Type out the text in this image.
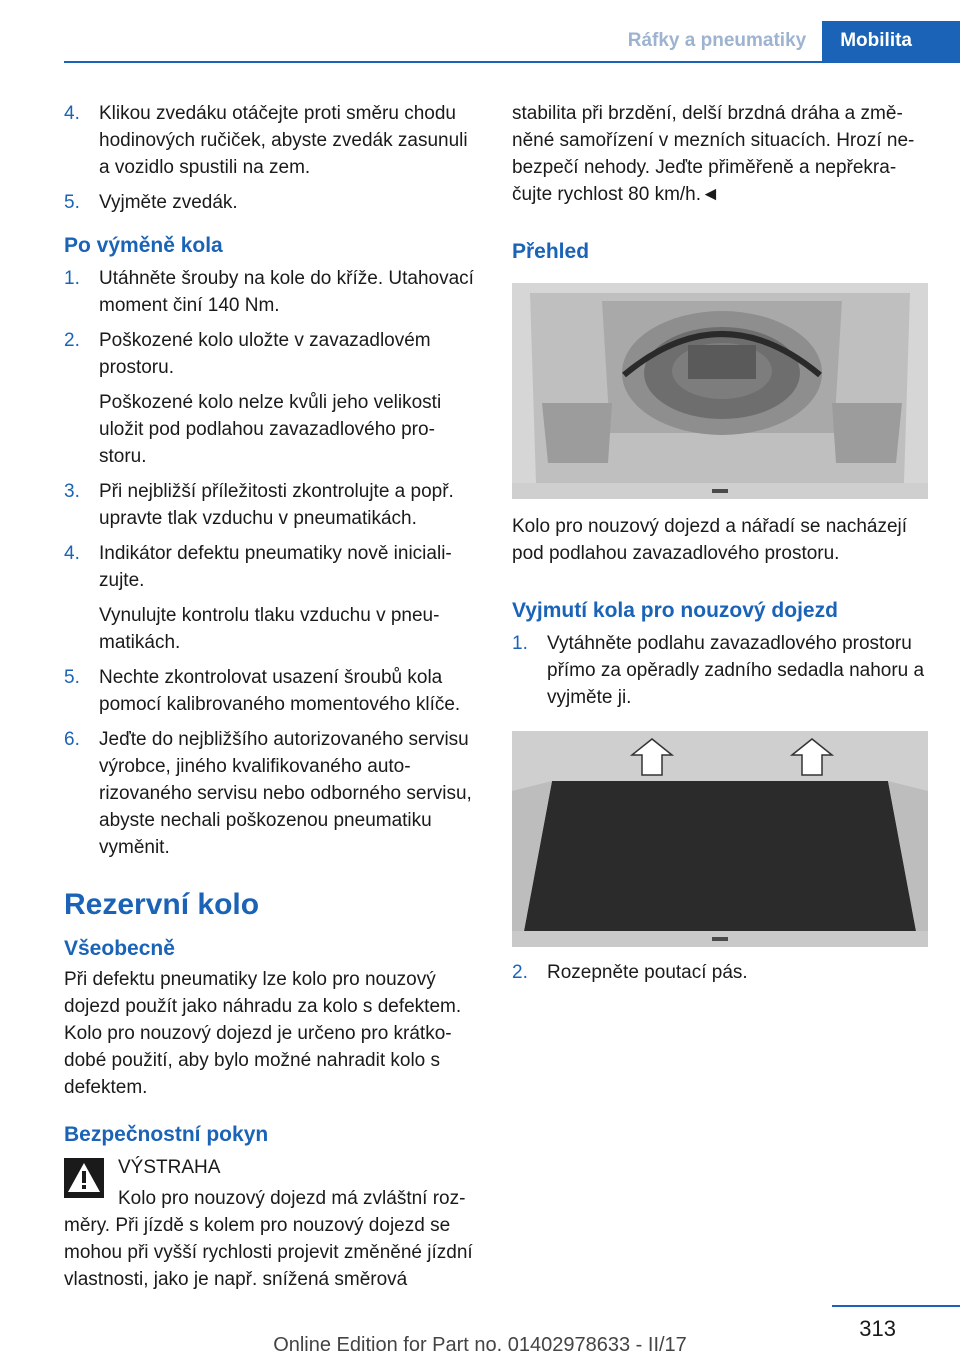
Ráfky a pneumatiky	Mobilita
4. Klikou zvedáku otáčejte proti směru chodu hodinových ručiček, abyste zvedák zasunuli a vozidlo spustili na zem.

5. Vyjměte zvedák.

Po výměně kola
1. Utáhněte šrouby na kole do kříže. Utahovací moment činí 140 Nm.

2. Poškozené kolo uložte v zavazadlovém prostoru.

Poškozené kolo nelze kvůli jeho velikosti uložit pod podlahou zavazadlového prostoru.

3. Při nejbližší příležitosti zkontrolujte a popř. upravte tlak vzduchu v pneumatikách.

4. Indikátor defektu pneumatiky nově inicializujte.

Vynulujte kontrolu tlaku vzduchu v pneumatikách.

5. Nechte zkontrolovat usazení šroubů kola pomocí kalibrovaného momentového klíče.

6. Jeďte do nejbližšího autorizovaného servisu výrobce, jiného kvalifikovaného autorizovaného servisu nebo odborného servisu, abyste nechali poškozenou pneumatiku vyměnit.

Rezervní kolo
Všeobecně

Při defektu pneumatiky lze kolo pro nouzový dojezd použít jako náhradu za kolo s defektem. Kolo pro nouzový dojezd je určeno pro krátkodobé použití, aby bylo možné nahradit kolo s defektem.

Bezpečnostní pokyn

VÝSTRAHA

Kolo pro nouzový dojezd má zvláštní rozměry. Při jízdě s kolem pro nouzový dojezd se mohou při vyšší rychlosti projevit změněné jízdní vlastnosti, jako je např. snížená směrová

stabilita při brzdění, delší brzdná dráha a změněné samořízení v mezních situacích. Hrozí nebezpečí nehody. Jeďte přiměřeně a nepřekračujte rychlost 80 km/h.◄

Přehled

Kolo pro nouzový dojezd a nářadí se nacházejí pod podlahou zavazadlového prostoru.

Vyjmutí kola pro nouzový dojezd
1. Vytáhněte podlahu zavazadlového prostoru přímo za opěradly zadního sedadla nahoru a vyjměte ji.

2. Rozepněte poutací pás.

313
Online Edition for Part no. 01402978633 - II/17
